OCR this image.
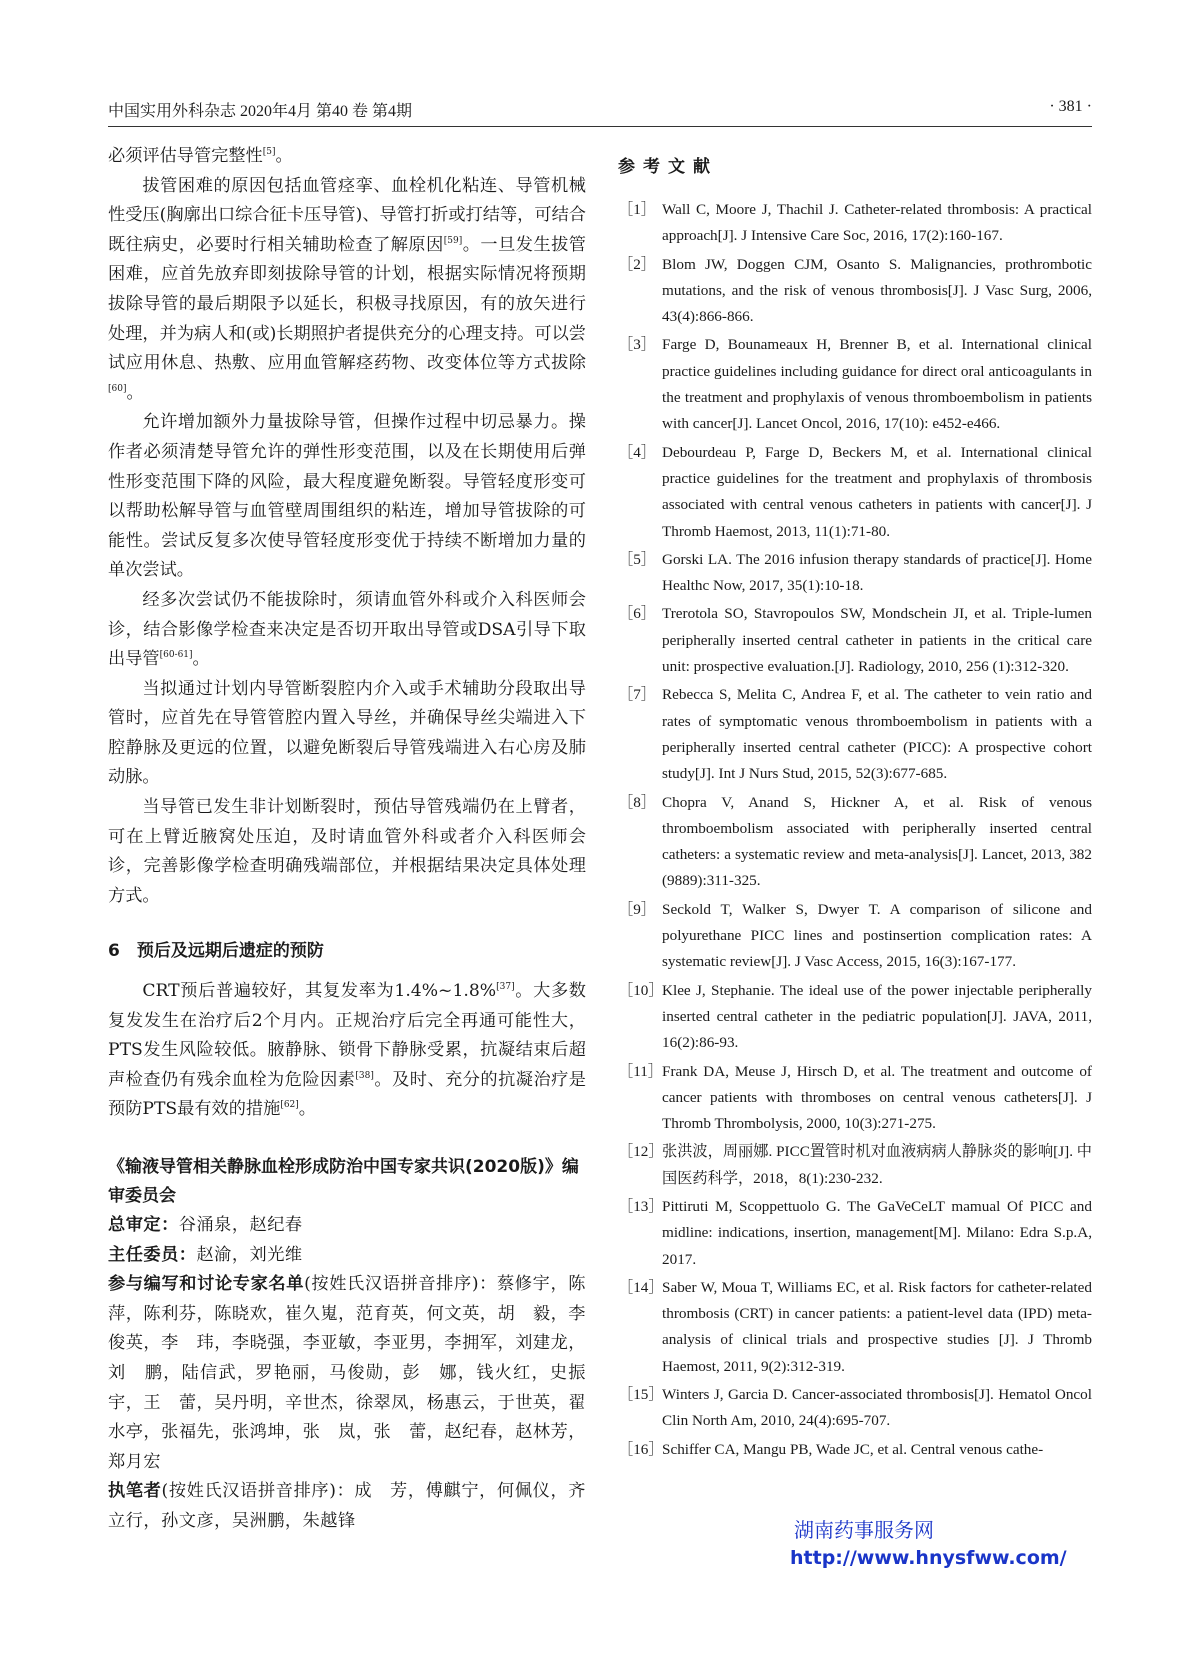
中国实用外科杂志 2020年4月 第40 卷 第4期	· 381 ·

必须评估导管完整性[5]。

拔管困难的原因包括血管痉挛、血栓机化粘连、导管机械性受压(胸廓出口综合征卡压导管)、导管打折或打结等，可结合既往病史，必要时行相关辅助检查了解原因[59]。一旦发生拔管困难，应首先放弃即刻拔除导管的计划，根据实际情况将预期拔除导管的最后期限予以延长，积极寻找原因，有的放矢进行处理，并为病人和(或)长期照护者提供充分的心理支持。可以尝试应用休息、热敷、应用血管解痉药物、改变体位等方式拔除[60]。

允许增加额外力量拔除导管，但操作过程中切忌暴力。操作者必须清楚导管允许的弹性形变范围，以及在长期使用后弹性形变范围下降的风险，最大程度避免断裂。导管轻度形变可以帮助松解导管与血管壁周围组织的粘连，增加导管拔除的可能性。尝试反复多次使导管轻度形变优于持续不断增加力量的单次尝试。

经多次尝试仍不能拔除时，须请血管外科或介入科医师会诊，结合影像学检查来决定是否切开取出导管或DSA引导下取出导管[60-61]。

当拟通过计划内导管断裂腔内介入或手术辅助分段取出导管时，应首先在导管管腔内置入导丝，并确保导丝尖端进入下腔静脉及更远的位置，以避免断裂后导管残端进入右心房及肺动脉。

当导管已发生非计划断裂时，预估导管残端仍在上臂者，可在上臂近腋窝处压迫，及时请血管外科或者介入科医师会诊，完善影像学检查明确残端部位，并根据结果决定具体处理方式。

6　预后及远期后遗症的预防

CRT预后普遍较好，其复发率为1.4%~1.8%[37]。大多数复发发生在治疗后2个月内。正规治疗后完全再通可能性大，PTS发生风险较低。腋静脉、锁骨下静脉受累，抗凝结束后超声检查仍有残余血栓为危险因素[38]。及时、充分的抗凝治疗是预防PTS最有效的措施[62]。

《输液导管相关静脉血栓形成防治中国专家共识(2020版)》编审委员会

总审定：谷涌泉，赵纪春

主任委员：赵渝，刘光维

参与编写和讨论专家名单(按姓氏汉语拼音排序)：蔡修宇，陈　萍，陈利芬，陈晓欢，崔久嵬，范育英，何文英，胡　毅，李俊英，李　玮，李晓强，李亚敏，李亚男，李拥军，刘建龙，刘　鹏，陆信武，罗艳丽，马俊勋，彭　娜，钱火红，史振宇，王　蕾，吴丹明，辛世杰，徐翠凤，杨惠云，于世英，翟水亭，张福先，张鸿坤，张　岚，张　蕾，赵纪春，赵林芳，郑月宏

执笔者(按姓氏汉语拼音排序)：成　芳，傅麒宁，何佩仪，齐立行，孙文彦，吴洲鹏，朱越锋

参考文献
［1］ Wall C, Moore J, Thachil J. Catheter-related thrombosis: A practical approach[J]. J Intensive Care Soc, 2016, 17(2):160-167.
［2］ Blom JW, Doggen CJM, Osanto S. Malignancies, prothrombotic mutations, and the risk of venous thrombosis[J]. J Vasc Surg, 2006, 43(4):866-866.
［3］ Farge D, Bounameaux H, Brenner B, et al. International clinical practice guidelines including guidance for direct oral anticoagulants in the treatment and prophylaxis of venous thromboembolism in patients with cancer[J]. Lancet Oncol, 2016, 17(10): e452-e466.
［4］ Debourdeau P, Farge D, Beckers M, et al. International clinical practice guidelines for the treatment and prophylaxis of thrombosis associated with central venous catheters in patients with cancer[J]. J Thromb Haemost, 2013, 11(1):71-80.
［5］ Gorski LA. The 2016 infusion therapy standards of practice[J]. Home Healthc Now, 2017, 35(1):10-18.
［6］ Trerotola SO, Stavropoulos SW, Mondschein JI, et al. Triple-lumen peripherally inserted central catheter in patients in the critical care unit: prospective evaluation.[J]. Radiology, 2010, 256 (1):312-320.
［7］ Rebecca S, Melita C, Andrea F, et al. The catheter to vein ratio and rates of symptomatic venous thromboembolism in patients with a peripherally inserted central catheter (PICC): A prospective cohort study[J]. Int J Nurs Stud, 2015, 52(3):677-685.
［8］ Chopra V, Anand S, Hickner A, et al. Risk of venous thromboembolism associated with peripherally inserted central catheters: a systematic review and meta-analysis[J]. Lancet, 2013, 382 (9889):311-325.
［9］ Seckold T, Walker S, Dwyer T. A comparison of silicone and polyurethane PICC lines and postinsertion complication rates: A systematic review[J]. J Vasc Access, 2015, 16(3):167-177.
［10］
Klee J, Stephanie. The ideal use of the power injectable peripherally inserted central catheter in the pediatric population[J]. JAVA, 2011, 16(2):86-93.
［11］ Frank DA, Meuse J, Hirsch D, et al. The treatment and outcome of cancer patients with thromboses on central venous catheters[J]. J Thromb Thrombolysis, 2000, 10(3):271-275.
［12］
张洪波，周丽娜. PICC置管时机对血液病病人静脉炎的影响[J]. 中国医药科学，2018，8(1):230-232.
［13］
Pittiruti M, Scoppettuolo G. The GaVeCeLT mamual Of PICC and midline: indications, insertion, management[M]. Milano: Edra S.p.A, 2017.
［14］
Saber W, Moua T, Williams EC, et al. Risk factors for catheter-related thrombosis (CRT) in cancer patients: a patient-level data (IPD) meta-analysis of clinical trials and prospective studies [J]. J Thromb Haemost, 2011, 9(2):312-319.
［15］
Winters J, Garcia D. Cancer-associated thrombosis[J]. Hematol Oncol Clin North Am, 2010, 24(4):695-707.
［16］
Schiffer CA, Mangu PB, Wade JC, et al. Central venous cathe-
湖南药事服务网
http://www.hnysfww.com/
